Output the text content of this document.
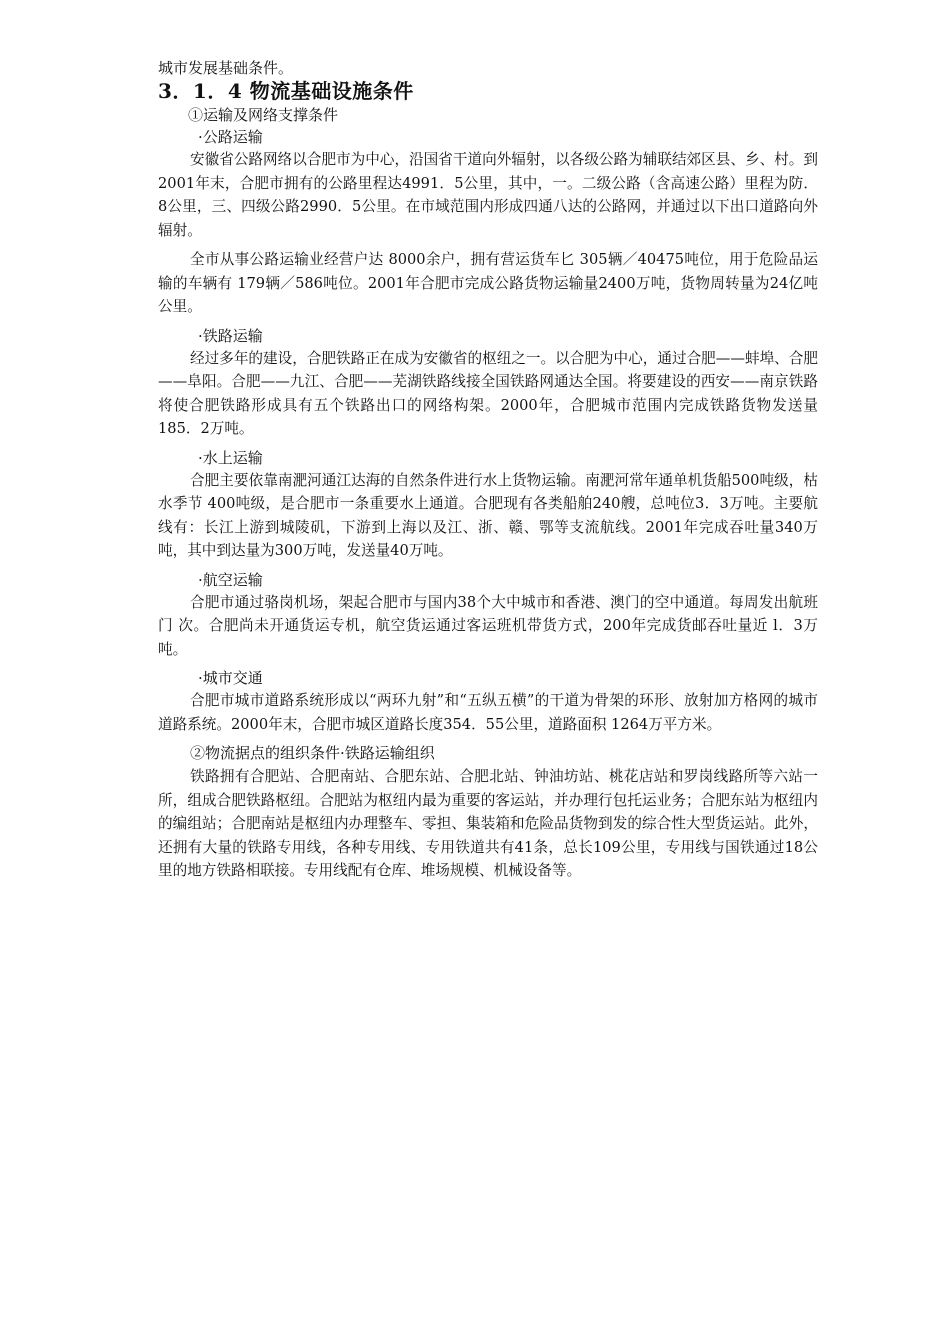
城市发展基础条件。

3．1．4 物流基础设施条件

①运输及网络支撑条件

·公路运输

安徽省公路网络以合肥市为中心，沿国省干道向外辐射，以各级公路为辅联结郊区县、乡、村。到2001年末，合肥市拥有的公路里程达4991．5公里，其中，一。二级公路（含高速公路）里程为防．8公里，三、四级公路2990．5公里。在市域范围内形成四通八达的公路网，并通过以下出口道路向外辐射。

全市从事公路运输业经营户达 8000余户，拥有营运货车匕 305辆／40475吨位，用于危险品运输的车辆有 179辆／586吨位。2001年合肥市完成公路货物运输量2400万吨，货物周转量为24亿吨公里。

·铁路运输

经过多年的建设，合肥铁路正在成为安徽省的枢纽之一。以合肥为中心，通过合肥——蚌埠、合肥——阜阳。合肥——九江、合肥——芜湖铁路线接全国铁路网通达全国。将要建设的西安——南京铁路将使合肥铁路形成具有五个铁路出口的网络构架。2000年，合肥城市范围内完成铁路货物发送量 185．2万吨。

·水上运输

合肥主要依靠南淝河通江达海的自然条件进行水上货物运输。南淝河常年通单机货船500吨级，枯水季节 400吨级，是合肥市一条重要水上通道。合肥现有各类船舶240艘，总吨位3．3万吨。主要航线有：长江上游到城陵矶，下游到上海以及江、浙、赣、鄂等支流航线。2001年完成吞吐量340万吨，其中到达量为300万吨，发送量40万吨。

·航空运输

合肥市通过骆岗机场，架起合肥市与国内38个大中城市和香港、澳门的空中通道。每周发出航班门 次。合肥尚未开通货运专机，航空货运通过客运班机带货方式，200年完成货邮吞吐量近 l．3万吨。

·城市交通

合肥市城市道路系统形成以“两环九射”和“五纵五横”的干道为骨架的环形、放射加方格网的城市道路系统。2000年末，合肥市城区道路长度354．55公里，道路面积 1264万平方米。

②物流据点的组织条件·铁路运输组织

铁路拥有合肥站、合肥南站、合肥东站、合肥北站、钟油坊站、桃花店站和罗岗线路所等六站一所，组成合肥铁路枢纽。合肥站为枢纽内最为重要的客运站，并办理行包托运业务；合肥东站为枢纽内的编组站；合肥南站是枢纽内办理整车、零担、集装箱和危险品货物到发的综合性大型货运站。此外，还拥有大量的铁路专用线，各种专用线、专用铁道共有41条，总长109公里，专用线与国铁通过18公里的地方铁路相联接。专用线配有仓库、堆场规模、机械设备等。
